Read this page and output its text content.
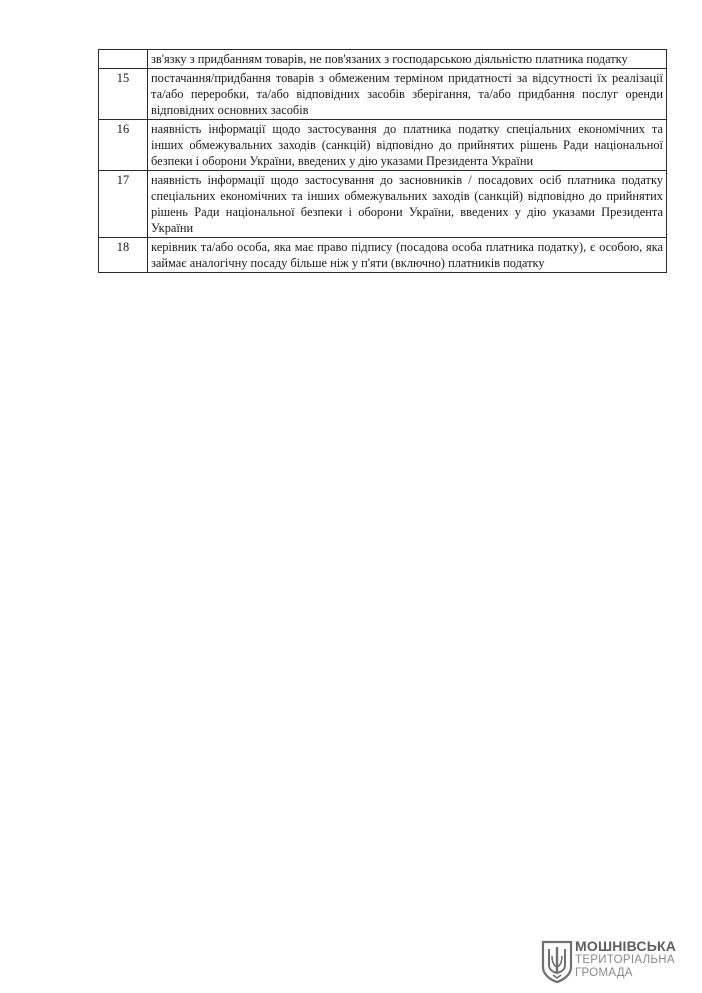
	зв'язку з придбанням товарів, не пов'язаних з господарською діяльністю платника податку
15	постачання/придбання товарів з обмеженим терміном придатності за відсутності їх реалізації та/або переробки, та/або відповідних засобів зберігання, та/або придбання послуг оренди відповідних основних засобів
16	наявність інформації щодо застосування до платника податку спеціальних економічних та інших обмежувальних заходів (санкцій) відповідно до прийнятих рішень Ради національної безпеки і оборони України, введених у дію указами Президента України
17	наявність інформації щодо застосування до засновників / посадових осіб платника податку спеціальних економічних та інших обмежувальних заходів (санкцій) відповідно до прийнятих рішень Ради національної безпеки і оборони України, введених у дію указами Президента України
18	керівник та/або особа, яка має право підпису (посадова особа платника податку), є особою, яка займає аналогічну посаду більше ніж у п'яти (включно) платників податку
МОШНІВСЬКА
ТЕРИТОРІАЛЬНА
ГРОМАДА
